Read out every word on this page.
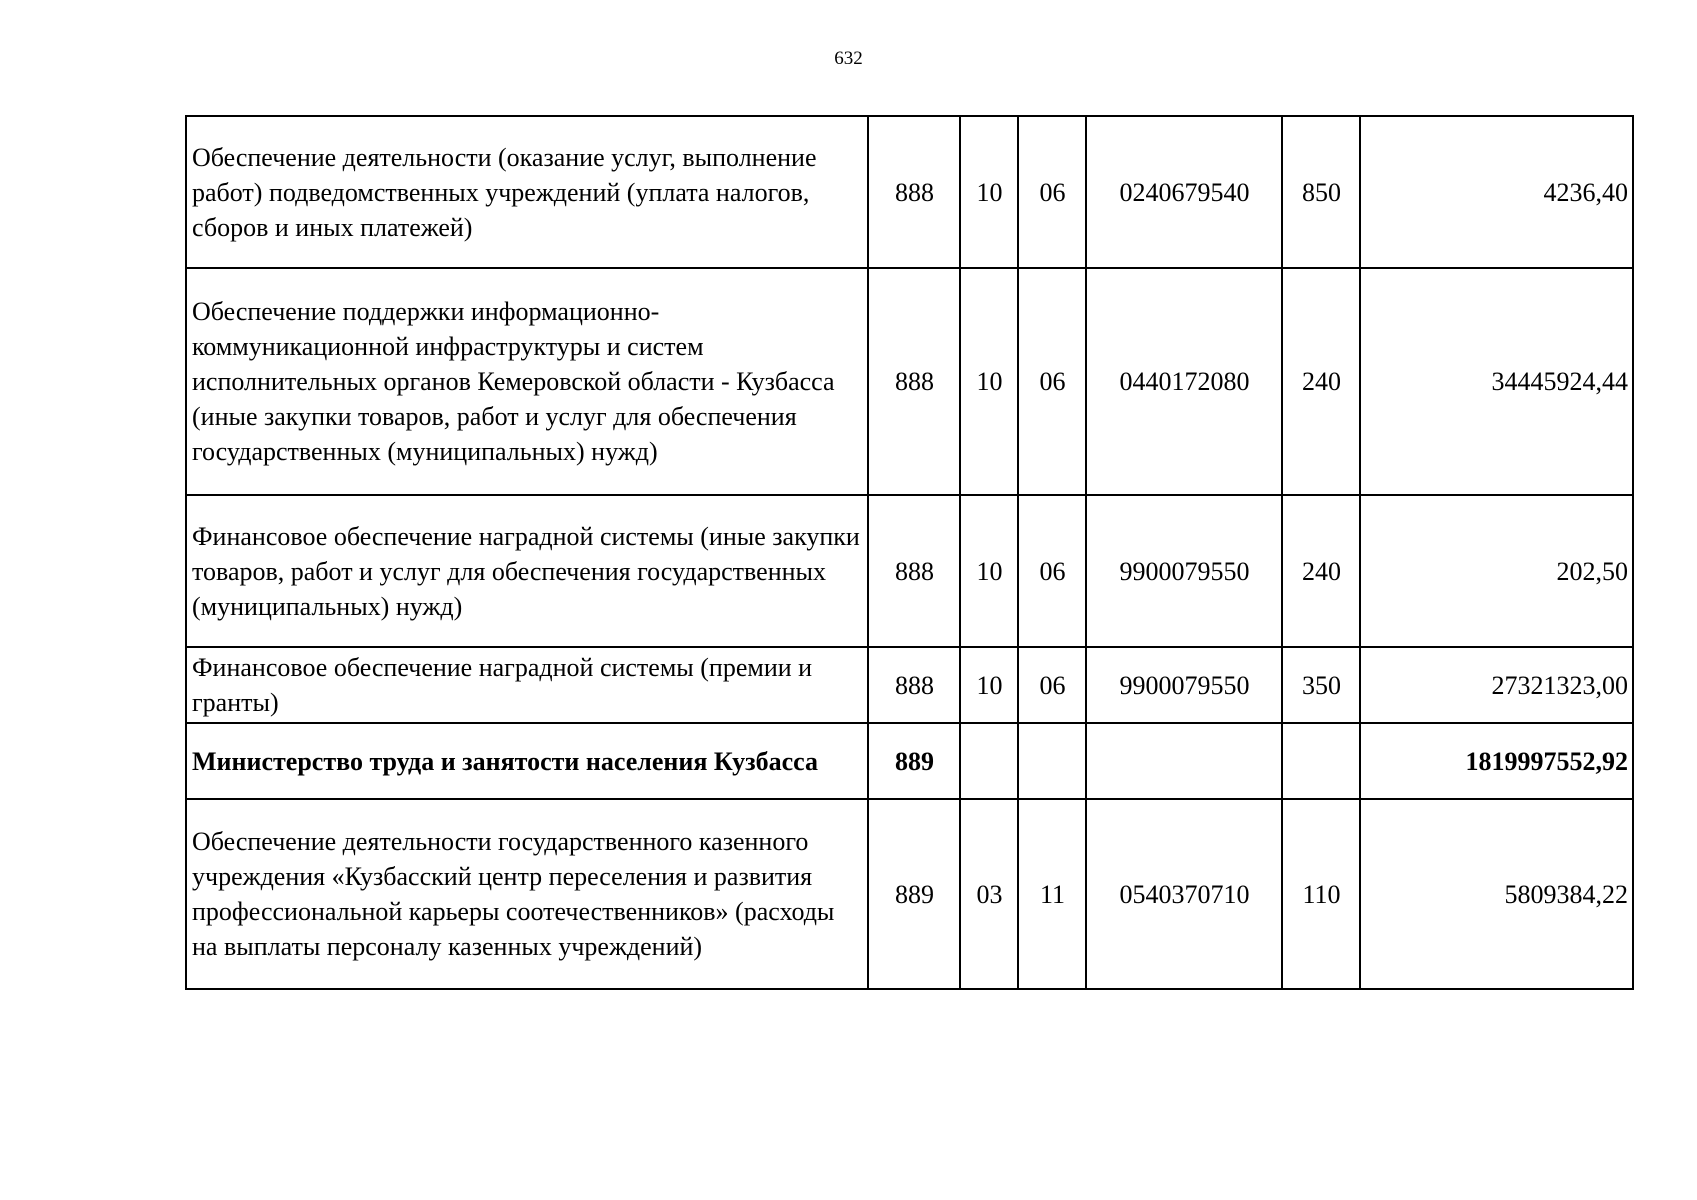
632
Обеспечение деятельности (оказание услуг, выполнение работ) подведомственных учреждений (уплата налогов, сборов и иных платежей)	888	10	06	0240679540	850	4236,40
Обеспечение поддержки информационно-коммуникационной инфраструктуры и систем исполнительных органов Кемеровской области - Кузбасса (иные закупки товаров, работ и услуг для обеспечения государственных (муниципальных) нужд)	888	10	06	0440172080	240	34445924,44
Финансовое обеспечение наградной системы (иные закупки товаров, работ и услуг для обеспечения государственных (муниципальных) нужд)	888	10	06	9900079550	240	202,50
Финансовое обеспечение наградной системы (премии и гранты)	888	10	06	9900079550	350	27321323,00
Министерство труда и занятости населения Кузбасса	889					1819997552,92
Обеспечение деятельности государственного казенного учреждения «Кузбасский центр переселения и развития профессиональной карьеры соотечественников» (расходы на выплаты персоналу казенных учреждений)	889	03	11	0540370710	110	5809384,22
